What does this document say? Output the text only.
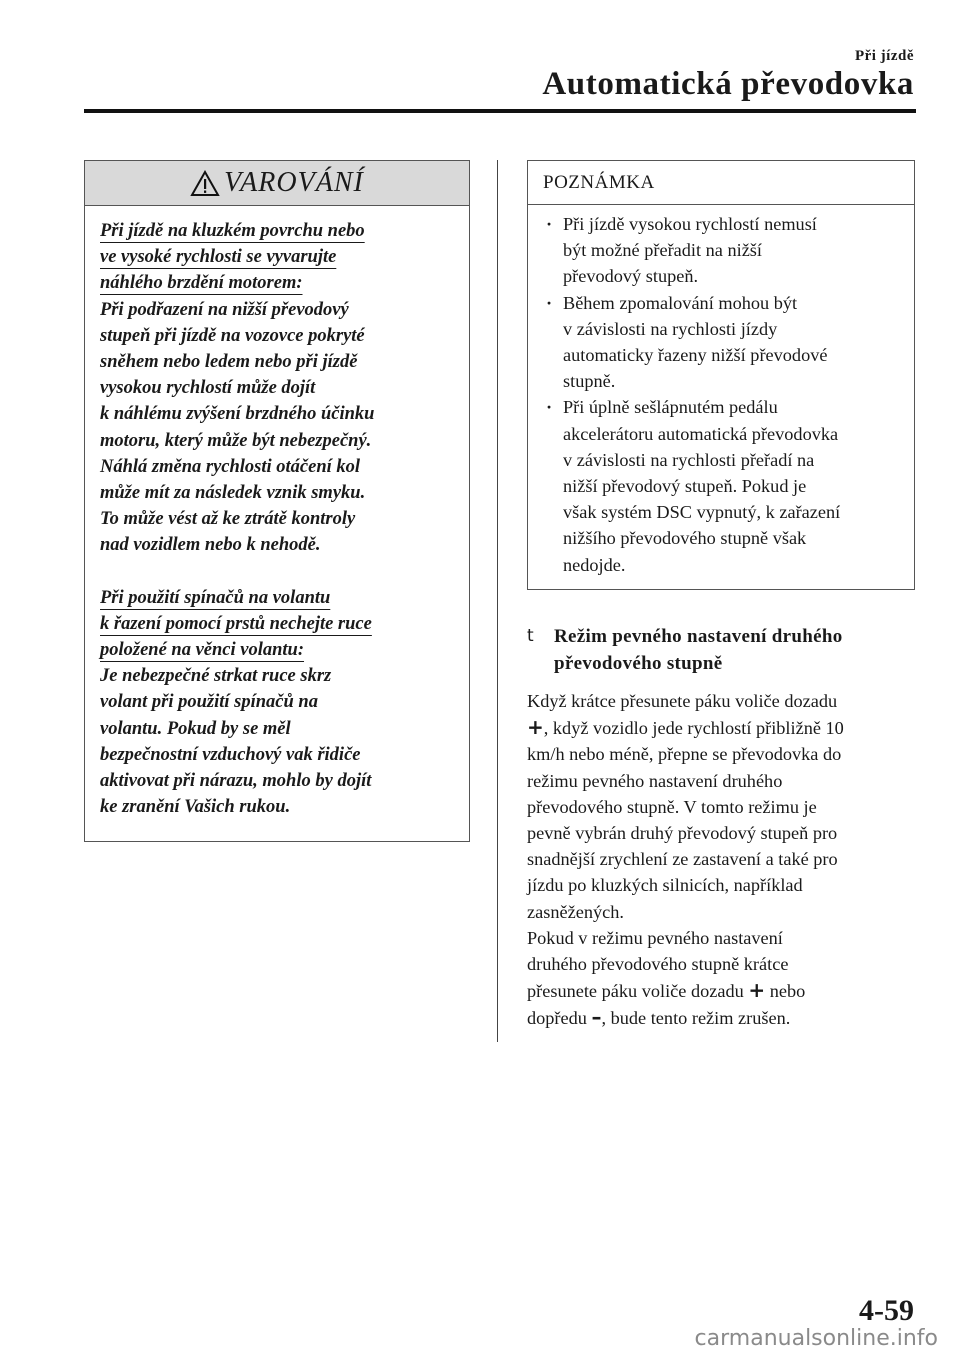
Při jízdě
Automatická převodovka
VAROVÁNÍ

Při jízdě na kluzkém povrchu nebo
ve vysoké rychlosti se vyvarujte
náhlého brzdění motorem:

Při podřazení na nižší převodový
stupeň při jízdě na vozovce pokryté
sněhem nebo ledem nebo při jízdě
vysokou rychlostí může dojít
k náhlému zvýšení brzdného účinku
motoru, který může být nebezpečný.
Náhlá změna rychlosti otáčení kol
může mít za následek vznik smyku.
To může vést až ke ztrátě kontroly
nad vozidlem nebo k nehodě.

Při použití spínačů na volantu
k řazení pomocí prstů nechejte ruce
položené na věnci volantu:

Je nebezpečné strkat ruce skrz
volant při použití spínačů na
volantu. Pokud by se měl
bezpečnostní vzduchový vak řidiče
aktivovat při nárazu, mohlo by dojít
ke zranění Vašich rukou.

POZNÁMKA
· Při jízdě vysokou rychlostí nemusí
být možné přeřadit na nižší
převodový stupeň.
· Během zpomalování mohou být
v závislosti na rychlosti jízdy
automaticky řazeny nižší převodové
stupně.
· Při úplně sešlápnutém pedálu
akcelerátoru automatická převodovka
v závislosti na rychlosti přeřadí na
nižší převodový stupeň. Pokud je
však systém DSC vypnutý, k zařazení
nižšího převodového stupně však
nedojde.
t	Režim pevného nastavení druhého
převodového stupně

Když krátce přesunete páku voliče dozadu
+, když vozidlo jede rychlostí přibližně 10
km/h nebo méně, přepne se převodovka do
režimu pevného nastavení druhého
převodového stupně. V tomto režimu je
pevně vybrán druhý převodový stupeň pro
snadnější zrychlení ze zastavení a také pro
jízdu po kluzkých silnicích, například
zasněžených.

Pokud v režimu pevného nastavení
druhého převodového stupně krátce
přesunete páku voliče dozadu + nebo
dopředu –, bude tento režim zrušen.

4-59
carmanualsonline.info
